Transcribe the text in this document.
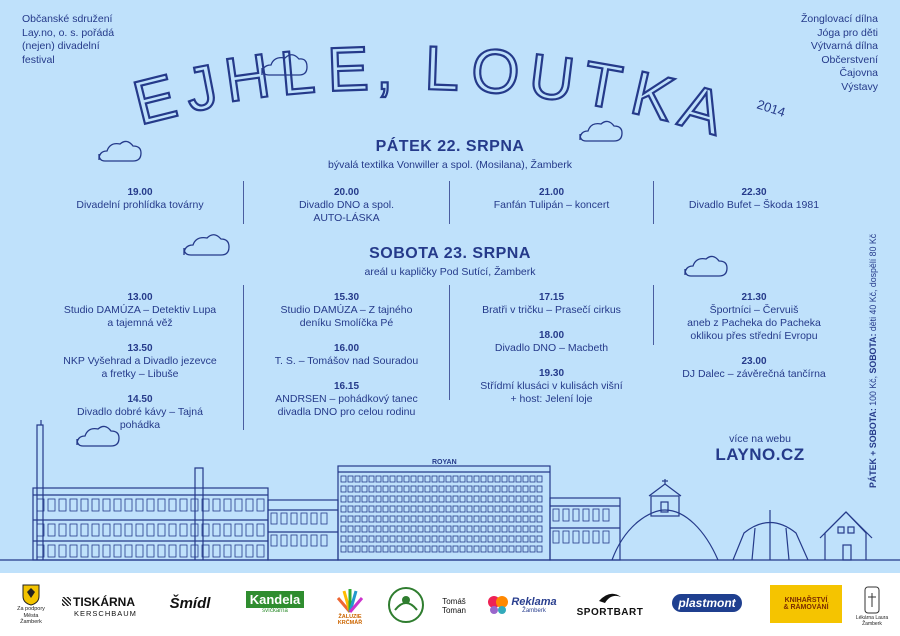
Občanské sdružení
Lay.no, o. s. pořádá
(nejen) divadelní
festival
Žonglovací dílna
Jóga pro děti
Výtvarná dílna
Občerstvení
Čajovna
Výstavy
E
J
H L E , L O U T
K
A 2014
PÁTEK 22. SRPNA
bývalá textilka Vonwiller a spol. (Mosilana), Žamberk
19.00
Divadelní prohlídka továrny
20.00
Divadlo DNO a spol.
AUTO-LÁSKA
21.00
Fanfán Tulipán – koncert
22.30
Divadlo Bufet – Škoda 1981
SOBOTA 23. SRPNA
areál u kapličky Pod Sutící, Žamberk
13.00
Studio DAMÚZA – Detektiv Lupa
a tajemná věž
13.50
NKP Vyšehrad a Divadlo jezevce
a fretky – Libuše
14.50
Divadlo dobré kávy – Tajná
pohádka
15.30
Studio DAMÚZA – Z tajného
deníku Smolíčka Pé
16.00
T. S. – Tomášov nad Souradou
16.15
ANDRSEN – pohádkový tanec
divadla DNO pro celou rodinu
17.15
Bratři v tričku – Prasečí cirkus
18.00
Divadlo DNO – Macbeth
19.30
Střídmí klusáci v kulisách višní
+ host: Jelení loje
21.30
Športníci – Červuiš
aneb z Pacheka do Pacheka
oklikou přes střední Evropu
23.00
DJ Dalec – závěrečná tančírna
více na webu
LAYNO.CZ	PÁTEK + SOBOTA: 100 Kč, SOBOTA: děti 40 Kč, dospělí 80 Kč
ROYAN
Za podpory
Města Žamberk
TISKÁRNA
KERSCHBAUM
Šmídl	Kandela
svíčkárna
ŽALUZIE KRČMÁŘ
Tomáš
Toman
Reklama
Žamberk	SPORTBART
plastmont	KNIHAŘSTVÍ
& RÁMOVÁNÍ
Lékárna Laura
Žamberk
